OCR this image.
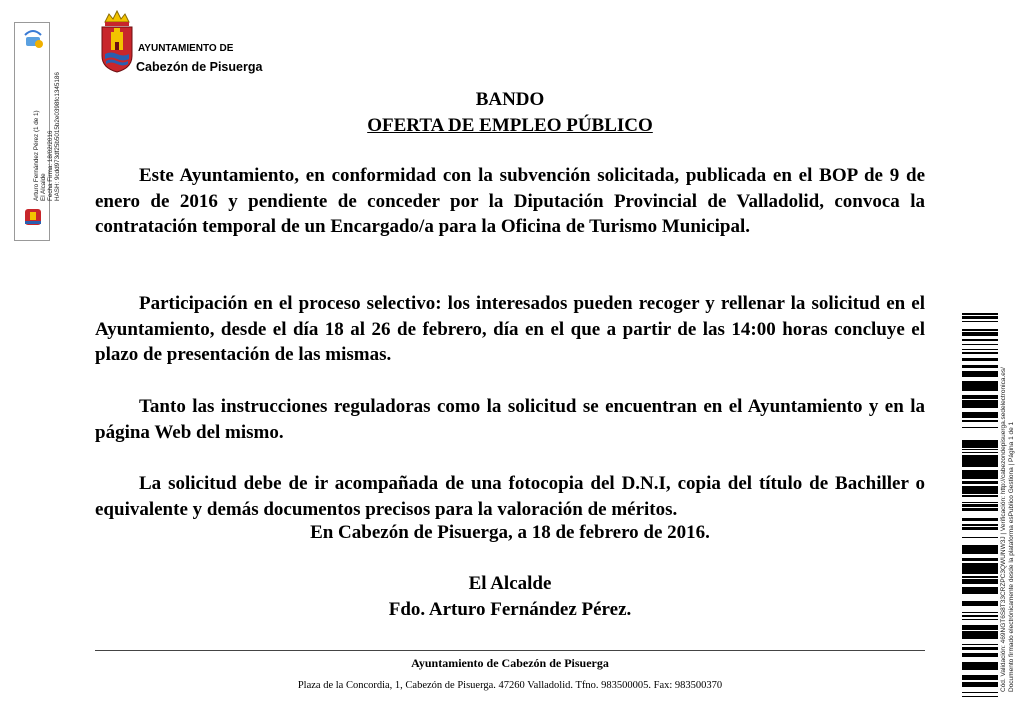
Arturo Fernández Pérez (1 de 1) El Alcalde Fecha Firma: 18/02/2016 HASH: 9cdd973df25b5015b2e0398fc1345186
AYUNTAMIENTO DE
Cabezón de Pisuerga
BANDO
OFERTA DE EMPLEO PÚBLICO

Este Ayuntamiento, en conformidad con la subvención solicitada, publicada en el BOP de 9 de enero de 2016 y pendiente de conceder por la Diputación Provincial de Valladolid, convoca la contratación temporal de un Encargado/a para la Oficina de Turismo Municipal.

Participación en el proceso selectivo: los interesados pueden recoger y rellenar la solicitud en el Ayuntamiento, desde el día 18 al 26 de febrero, día en el que a partir de las 14:00 horas concluye el plazo de presentación de las mismas.

Tanto las instrucciones reguladoras como la solicitud se encuentran en el Ayuntamiento y en la página Web del mismo.

La solicitud debe de ir acompañada de una fotocopia del D.N.I, copia del título de Bachiller o equivalente y demás documentos precisos para la valoración de méritos.

En Cabezón de Pisuerga, a 18 de febrero de 2016.
El Alcalde
Fdo. Arturo Fernández Pérez.
Ayuntamiento de Cabezón de Pisuerga
Plaza de la Concordia, 1, Cabezón de Pisuerga. 47260 Valladolid. Tfno. 983500005. Fax: 983500370	Cód. Validación: 469NGT6S8T33CRZPC3QWUNW3J | Verificación: http://cabezondepisuerga.sedelectronica.es/ Documento firmado electrónicamente desde la plataforma esPublico Gestiona | Página 1 de 1
